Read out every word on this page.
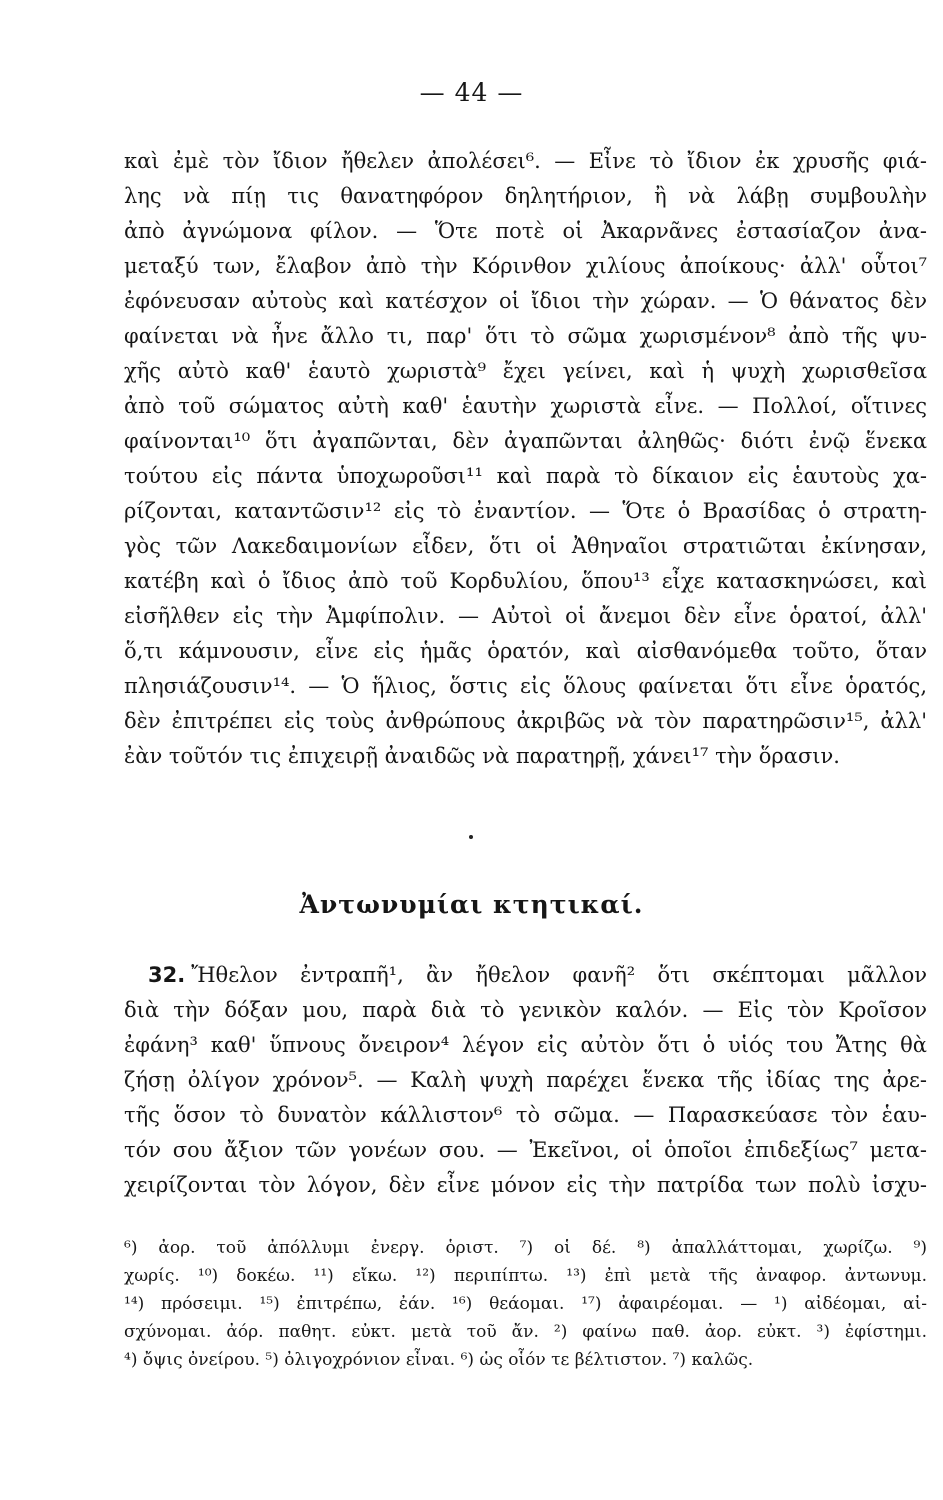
— 44 —
καὶ ἐμὲ τὸν ἴδιον ἤθελεν ἀπολέσει⁶. — Εἶνε τὸ ἴδιον ἐκ χρυσῆς φιά-
λης νὰ πίῃ τις θανατηφόρον δηλητήριον, ἢ νὰ λάβῃ συμβουλὴν
ἀπὸ ἀγνώμονα φίλον. — Ὅτε ποτὲ οἱ Ἀκαρνᾶνες ἐστασίαζον ἀνα-
μεταξύ των, ἔλαβον ἀπὸ τὴν Κόρινθον χιλίους ἀποίκους· ἀλλ' οὗτοι⁷
ἐφόνευσαν αὐτοὺς καὶ κατέσχον οἱ ἴδιοι τὴν χώραν. — Ὁ θάνατος δὲν
φαίνεται νὰ ἦνε ἄλλο τι, παρ' ὅτι τὸ σῶμα χωρισμένον⁸ ἀπὸ τῆς ψυ-
χῆς αὐτὸ καθ' ἑαυτὸ χωριστὰ⁹ ἔχει γείνει, καὶ ἡ ψυχὴ χωρισθεῖσα
ἀπὸ τοῦ σώματος αὐτὴ καθ' ἑαυτὴν χωριστὰ εἶνε. — Πολλοί, οἵτινες
φαίνονται¹⁰ ὅτι ἀγαπῶνται, δὲν ἀγαπῶνται ἀληθῶς· διότι ἐνῷ ἕνεκα
τούτου εἰς πάντα ὑποχωροῦσι¹¹ καὶ παρὰ τὸ δίκαιον εἰς ἑαυτοὺς χα-
ρίζονται, καταντῶσιν¹² εἰς τὸ ἐναντίον. — Ὅτε ὁ Βρασίδας ὁ στρατη-
γὸς τῶν Λακεδαιμονίων εἶδεν, ὅτι οἱ Ἀθηναῖοι στρατιῶται ἐκίνησαν,
κατέβη καὶ ὁ ἴδιος ἀπὸ τοῦ Κορδυλίου, ὅπου¹³ εἶχε κατασκηνώσει, καὶ
εἰσῆλθεν εἰς τὴν Ἀμφίπολιν. — Αὐτοὶ οἱ ἄνεμοι δὲν εἶνε ὁρατοί, ἀλλ'
ὅ,τι κάμνουσιν, εἶνε εἰς ἡμᾶς ὁρατόν, καὶ αἰσθανόμεθα τοῦτο, ὅταν
πλησιάζουσιν¹⁴. — Ὁ ἥλιος, ὅστις εἰς ὅλους φαίνεται ὅτι εἶνε ὁρατός,
δὲν ἐπιτρέπει εἰς τοὺς ἀνθρώπους ἀκριβῶς νὰ τὸν παρατηρῶσιν¹⁵, ἀλλ'
ἐὰν τοῦτόν τις ἐπιχειρῇ ἀναιδῶς νὰ παρατηρῇ, χάνει¹⁷ τὴν ὅρασιν.
Ἀντωνυμίαι κτητικαί.
32. Ἤθελον ἐντραπῆ¹, ἂν ἤθελον φανῆ² ὅτι σκέπτομαι μᾶλλον
διὰ τὴν δόξαν μου, παρὰ διὰ τὸ γενικὸν καλόν. — Εἰς τὸν Κροῖσον
ἐφάνη³ καθ' ὕπνους ὄνειρον⁴ λέγον εἰς αὐτὸν ὅτι ὁ υἱός του Ἄτης θὰ
ζήσῃ ὀλίγον χρόνον⁵. — Καλὴ ψυχὴ παρέχει ἕνεκα τῆς ἰδίας της ἀρε-
τῆς ὅσον τὸ δυνατὸν κάλλιστον⁶ τὸ σῶμα. — Παρασκεύασε τὸν ἑαυ-
τόν σου ἄξιον τῶν γονέων σου. — Ἐκεῖνοι, οἱ ὁποῖοι ἐπιδεξίως⁷ μετα-
χειρίζονται τὸν λόγον, δὲν εἶνε μόνον εἰς τὴν πατρίδα των πολὺ ἰσχυ-
⁶) ἀορ. τοῦ ἀπόλλυμι ἐνεργ. ὁριστ. ⁷) οἱ δέ. ⁸) ἀπαλλάττομαι, χωρίζω. ⁹)
χωρίς. ¹⁰) δοκέω. ¹¹) εἴκω. ¹²) περιπίπτω. ¹³) ἐπὶ μετὰ τῆς ἀναφορ. ἀντωνυμ.
¹⁴) πρόσειμι. ¹⁵) ἐπιτρέπω, ἐάν. ¹⁶) θεάομαι. ¹⁷) ἀφαιρέομαι. — ¹) αἰδέομαι, αἰ-
σχύνομαι. ἀόρ. παθητ. εὐκτ. μετὰ τοῦ ἄν. ²) φαίνω παθ. ἀορ. εὐκτ. ³) ἐφίστημι.
⁴) ὄψις ὀνείρου. ⁵) ὀλιγοχρόνιον εἶναι. ⁶) ὡς οἷόν τε βέλτιστον. ⁷) καλῶς.
